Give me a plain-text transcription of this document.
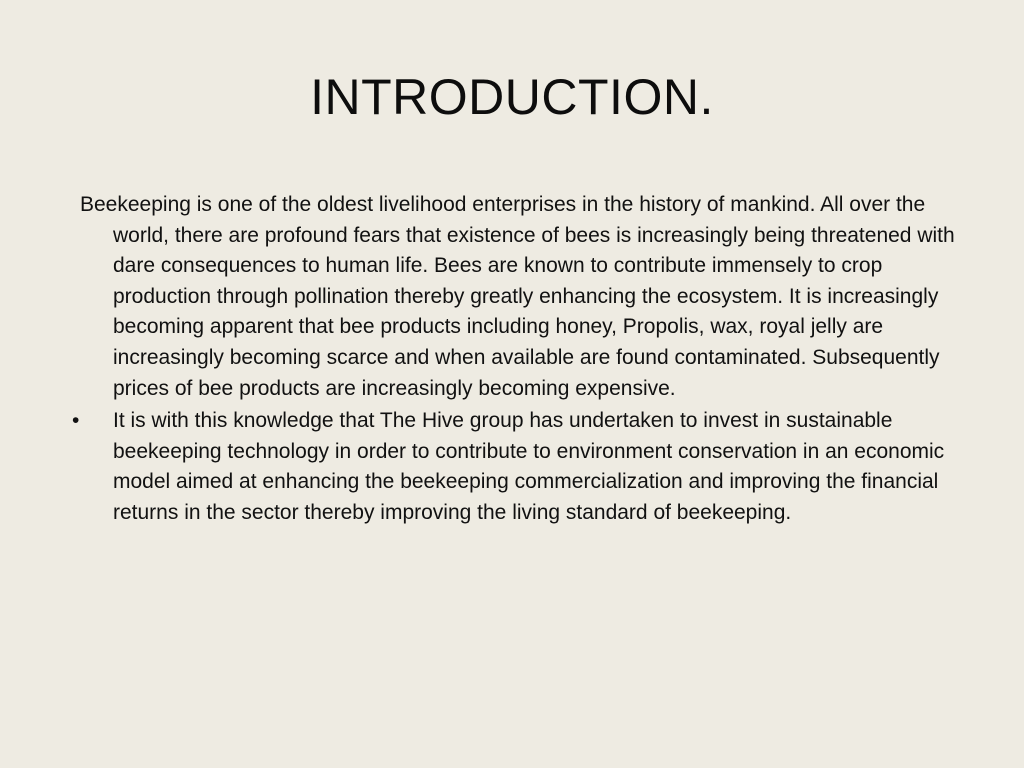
INTRODUCTION.

Beekeeping is one of the oldest livelihood enterprises in the history of mankind. All over the world, there are profound fears that existence of bees is increasingly being threatened with dare consequences to human life. Bees are known to contribute immensely to crop production through pollination thereby greatly enhancing the ecosystem. It is increasingly becoming apparent that bee products including honey, Propolis, wax, royal jelly are increasingly becoming scarce and when available are found contaminated. Subsequently prices of bee products are increasingly becoming expensive.

• It is with this knowledge that The Hive group has undertaken to invest in sustainable beekeeping technology in order to contribute to environment conservation in an economic model aimed at enhancing the beekeeping commercialization and improving the financial returns in the sector thereby improving the living standard of beekeeping.
